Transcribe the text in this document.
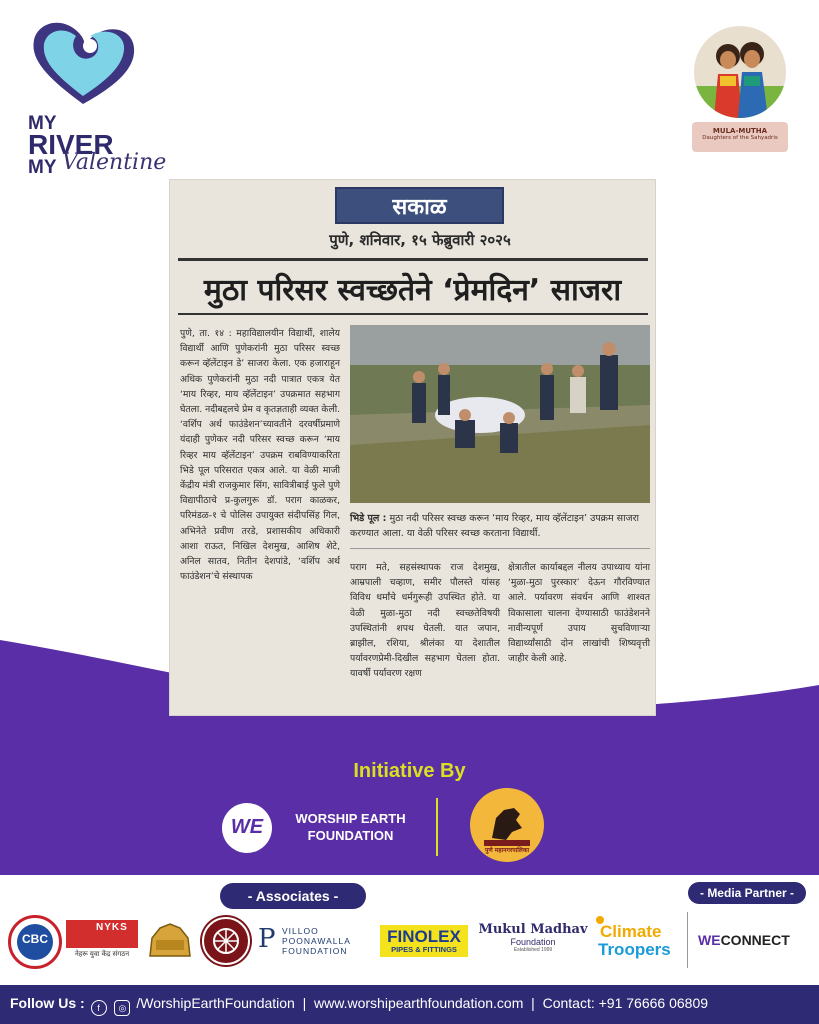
MY
RIVER
MY Valentine
MULA-MUTHA
Daughters of the Sahyadris
सकाळ
पुणे, शनिवार, १५ फेब्रुवारी २०२५
मुठा परिसर स्वच्छतेने ‘प्रेमदिन’ साजरा
पुणे, ता. १४ : महाविद्यालयीन विद्यार्थी, शालेय विद्यार्थी आणि पुणेकरांनी मुठा परिसर स्वच्छ करून व्हॅलेंटाइन डे’ साजरा केला. एक हजाराहून अधिक पुणेकरांनी मुठा नदी पात्रात एकत्र येत ‘माय रिव्हर, माय व्हॅलेंटाइन’ उपक्रमात सहभाग घेतला. नदीबद्दलचे प्रेम व कृतज्ञताही व्यक्त केली. ‘वर्शिप अर्थ फाउंडेशन’च्यावतीने दरवर्षीप्रमाणे यंदाही पुणेकर नदी परिसर स्वच्छ करून ‘माय रिव्हर माय व्हॅलेंटाइन’ उपक्रम राबविण्याकरिता भिडे पूल परिसरात एकत्र आले. या वेळी माजी केंद्रीय मंत्री राजकुमार सिंग, सावित्रीबाई फुले पुणे विद्यापीठाचे प्र-कुलगुरू डॉ. पराग काळकर, परिमंडळ-१ चे पोलिस उपायुक्त संदीपसिंह गिल, अभिनेते प्रवीण तरडे, प्रशासकीय अधिकारी आशा राऊत, निखिल देशमुख, आशिष शेटे, अनिल सातव, नितीन देशपांडे, ‘वर्शिप अर्थ फाउंडेशन’चे संस्थापक
भिडे पूल : मुठा नदी परिसर स्वच्छ करून ‘माय रिव्हर, माय व्हॅलेंटाइन’ उपक्रम साजरा करण्यात आला. या वेळी परिसर स्वच्छ करताना विद्यार्थी.
पराग मते, सहसंस्थापक राज देशमुख, आम्रपाली चव्हाण, समीर पौलस्ते यांसह विविध धर्मांचे धर्मगुरूही उपस्थित होते. या वेळी मुळा-मुठा नदी स्वच्छतेविषयी उपस्थितांनी शपथ घेतली. यात जपान, ब्राझील, रशिया, श्रीलंका या देशातील पर्यावरणप्रेमी-दिखील सहभाग घेतला होता. यावर्षी पर्यावरण रक्षण
क्षेत्रातील कार्याबद्दल नीलय उपाध्याय यांना ‘मुळा-मुठा पुरस्कार’ देऊन गौरविण्यात आले. पर्यावरण संवर्धन आणि शाश्वत विकासाला चालना देण्यासाठी फाउंडेशनने नावीन्यपूर्ण उपाय सुचविणाऱ्या विद्यार्थ्यांसाठी दोन लाखांची शिष्यवृत्ती जाहीर केली आहे.
Initiative By
WE	WORSHIP EARTH
FOUNDATION
पुणे महानगरपालिका
- Associates -	- Media Partner -
CBC
NYKS
नेहरू युवा केंद्र संगठन
P VILLOO POONAWALLA FOUNDATION
FINOLEX
PIPES & FITTINGS
Mukul Madhav
Foundation
Established 1999
Climate
Troopers WECONNECT
Follow Us : f ◎ /WorshipEarthFoundation | www.worshipearthfoundation.com | Contact: +91 76666 06809
